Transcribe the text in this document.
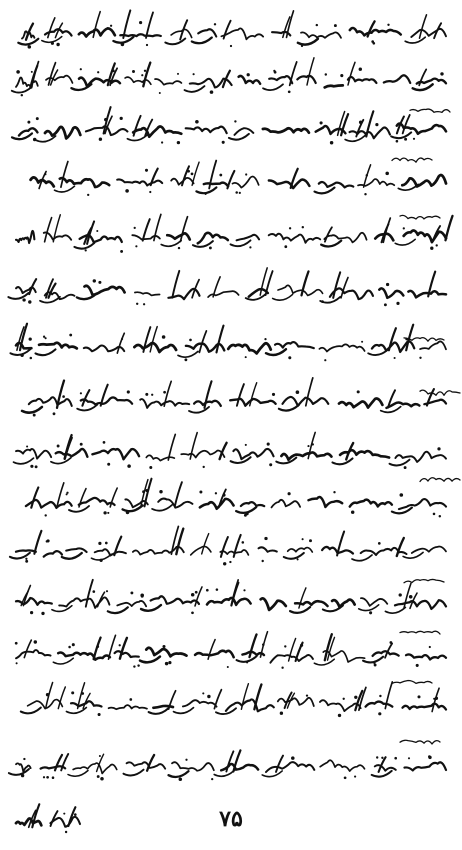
۷۵
